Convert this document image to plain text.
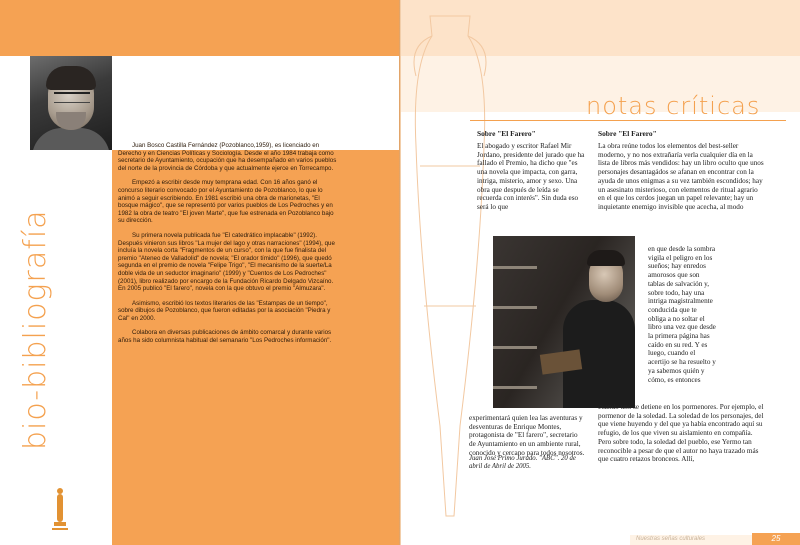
Juan Bosco Castilla Fernández (Pozoblanco,1959), es licenciado en Derecho y en Ciencias Políticas y Sociología. Desde el año 1984 trabaja como secretario de Ayuntamiento, ocupación que ha desempañado en varios pueblos del norte de la provincia de Córdoba y que actualmente ejerce en Torrecampo.

Empezó a escribir desde muy temprana edad. Con 16 años ganó el concurso literario convocado por el Ayuntamiento de Pozoblanco, lo que lo animó a seguir escribiendo. En 1981 escribió una obra de marionetas, "El bosque mágico", que se representó por varios pueblos de Los Pedroches y en 1982 la obra de teatro "El joven Marte", que fue estrenada en Pozoblanco bajo su dirección.

Su primera novela publicada fue "El catedrático implacable" (1992). Después vinieron sus libros "La mujer del lago y otras narraciones" (1994), que incluía la novela corta "Fragmentos de un curso", con la que fue finalista del premio "Ateneo de Valladolid" de novela; "El orador tímido" (1996), que quedó segunda en el premio de novela "Felipe Trigo", "El mecanismo de la suerte/La doble vida de un seductor imaginario" (1999) y "Cuentos de Los Pedroches" (2001), libro realizado por encargo de la Fundación Ricardo Delgado Vizcaíno. En 2005 publicó "El farero", novela con la que obtuvo el premio "Almuzara".

Asimismo, escribió los textos literarios de las "Estampas de un tiempo", sobre dibujos de Pozoblanco, que fueron editadas por la asociación "Piedra y Cal" en 2000.

Colabora en diversas publicaciones de ámbito comarcal y durante varios años ha sido columnista habitual del semanario "Los Pedroches información".

bio-bibliografía
notas críticas
Sobre "El Farero"
El abogado y escritor Rafael Mir Jordano, presidente del jurado que ha fallado el Premio, ha dicho que "es una novela que impacta, con garra, intriga, misterio, amor y sexo. Una obra que después de leída se recuerda con interés". Sin duda eso será lo que
experimentará quien lea las aventuras y desventuras de Enrique Montes, protagonista de "El farero", secretario de Ayuntamiento en un ambiente rural, conocido y cercano para todos nosotros.
Juan José Primo Jurado. "ABC". 20 de abril de Abril de 2005.
Sobre "El Farero"
La obra reúne todos los elementos del best-seller moderno, y no nos extrañaría verla cualquier día en la lista de libros más vendidos: hay un libro oculto que unos personajes desantagádos se afanan en encontrar con la ayuda de unos enigmas a su vez también escondidos; hay un asesinato misterioso, con elementos de ritual agrario en el que los cerdos juegan un papel relevante; hay un inquietante enemigo invisible que acecha, al modo
en que desde la sombra vigila el peligro en los sueños; hay enredos amorosos que son tablas de salvación y, sobre todo, hay una intriga magistralmente conducida que te obliga a no soltar el libro una vez que desde la primera página has caído en su red. Y es luego, cuando el acertijo se ha resuelto y ya sabemos quién y cómo, es entonces
cuando uno se detiene en los pormenores. Por ejemplo, el pormenor de la soledad. La soledad de los personajes, del que viene huyendo y del que ya había encontrado aquí su refugio, de los que viven su aislamiento en compañía. Pero sobre todo, la soledad del pueblo, ese Yermo tan reconocible a pesar de que el autor no haya trazado más que cuatro retazos bronceos. Allí,
Nuestras señas culturales	25
